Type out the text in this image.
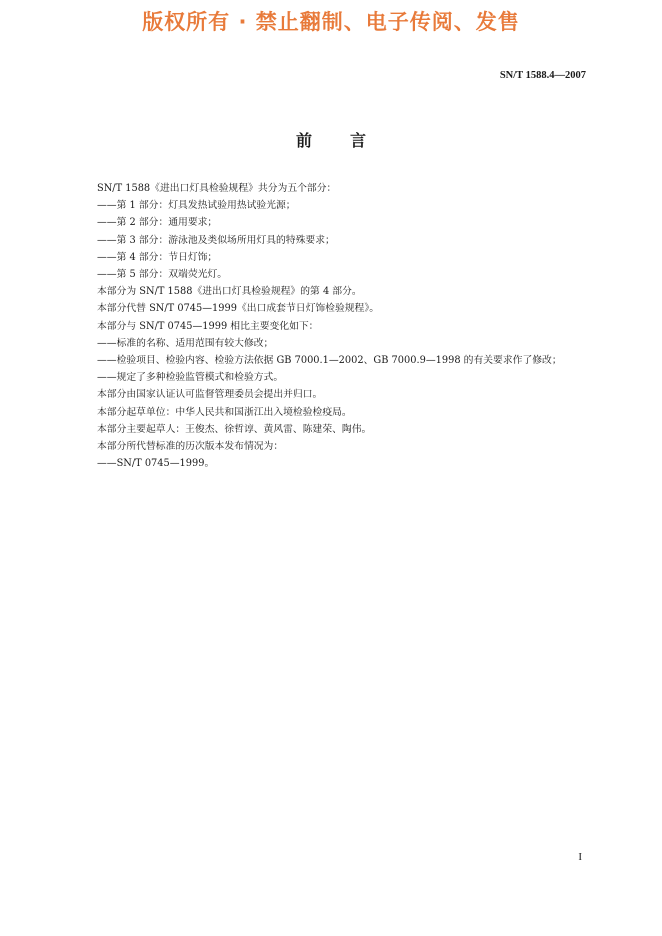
版权所有 · 禁止翻制、电子传阅、发售
SN/T 1588.4—2007
前言
SN/T 1588《进出口灯具检验规程》共分为五个部分：
——第 1 部分：灯具发热试验用热试验光源；
——第 2 部分：通用要求；
——第 3 部分：游泳池及类似场所用灯具的特殊要求；
——第 4 部分：节日灯饰；
——第 5 部分：双端荧光灯。
本部分为 SN/T 1588《进出口灯具检验规程》的第 4 部分。
本部分代替 SN/T 0745—1999《出口成套节日灯饰检验规程》。
本部分与 SN/T 0745—1999 相比主要变化如下：
——标准的名称、适用范围有较大修改；
——检验项目、检验内容、检验方法依据 GB 7000.1—2002、GB 7000.9—1998 的有关要求作了修改；
——规定了多种检验监管模式和检验方式。
本部分由国家认证认可监督管理委员会提出并归口。
本部分起草单位：中华人民共和国浙江出入境检验检疫局。
本部分主要起草人：王俊杰、徐哲谆、黄风雷、陈建荣、陶伟。
本部分所代替标准的历次版本发布情况为：
——SN/T 0745—1999。
I
